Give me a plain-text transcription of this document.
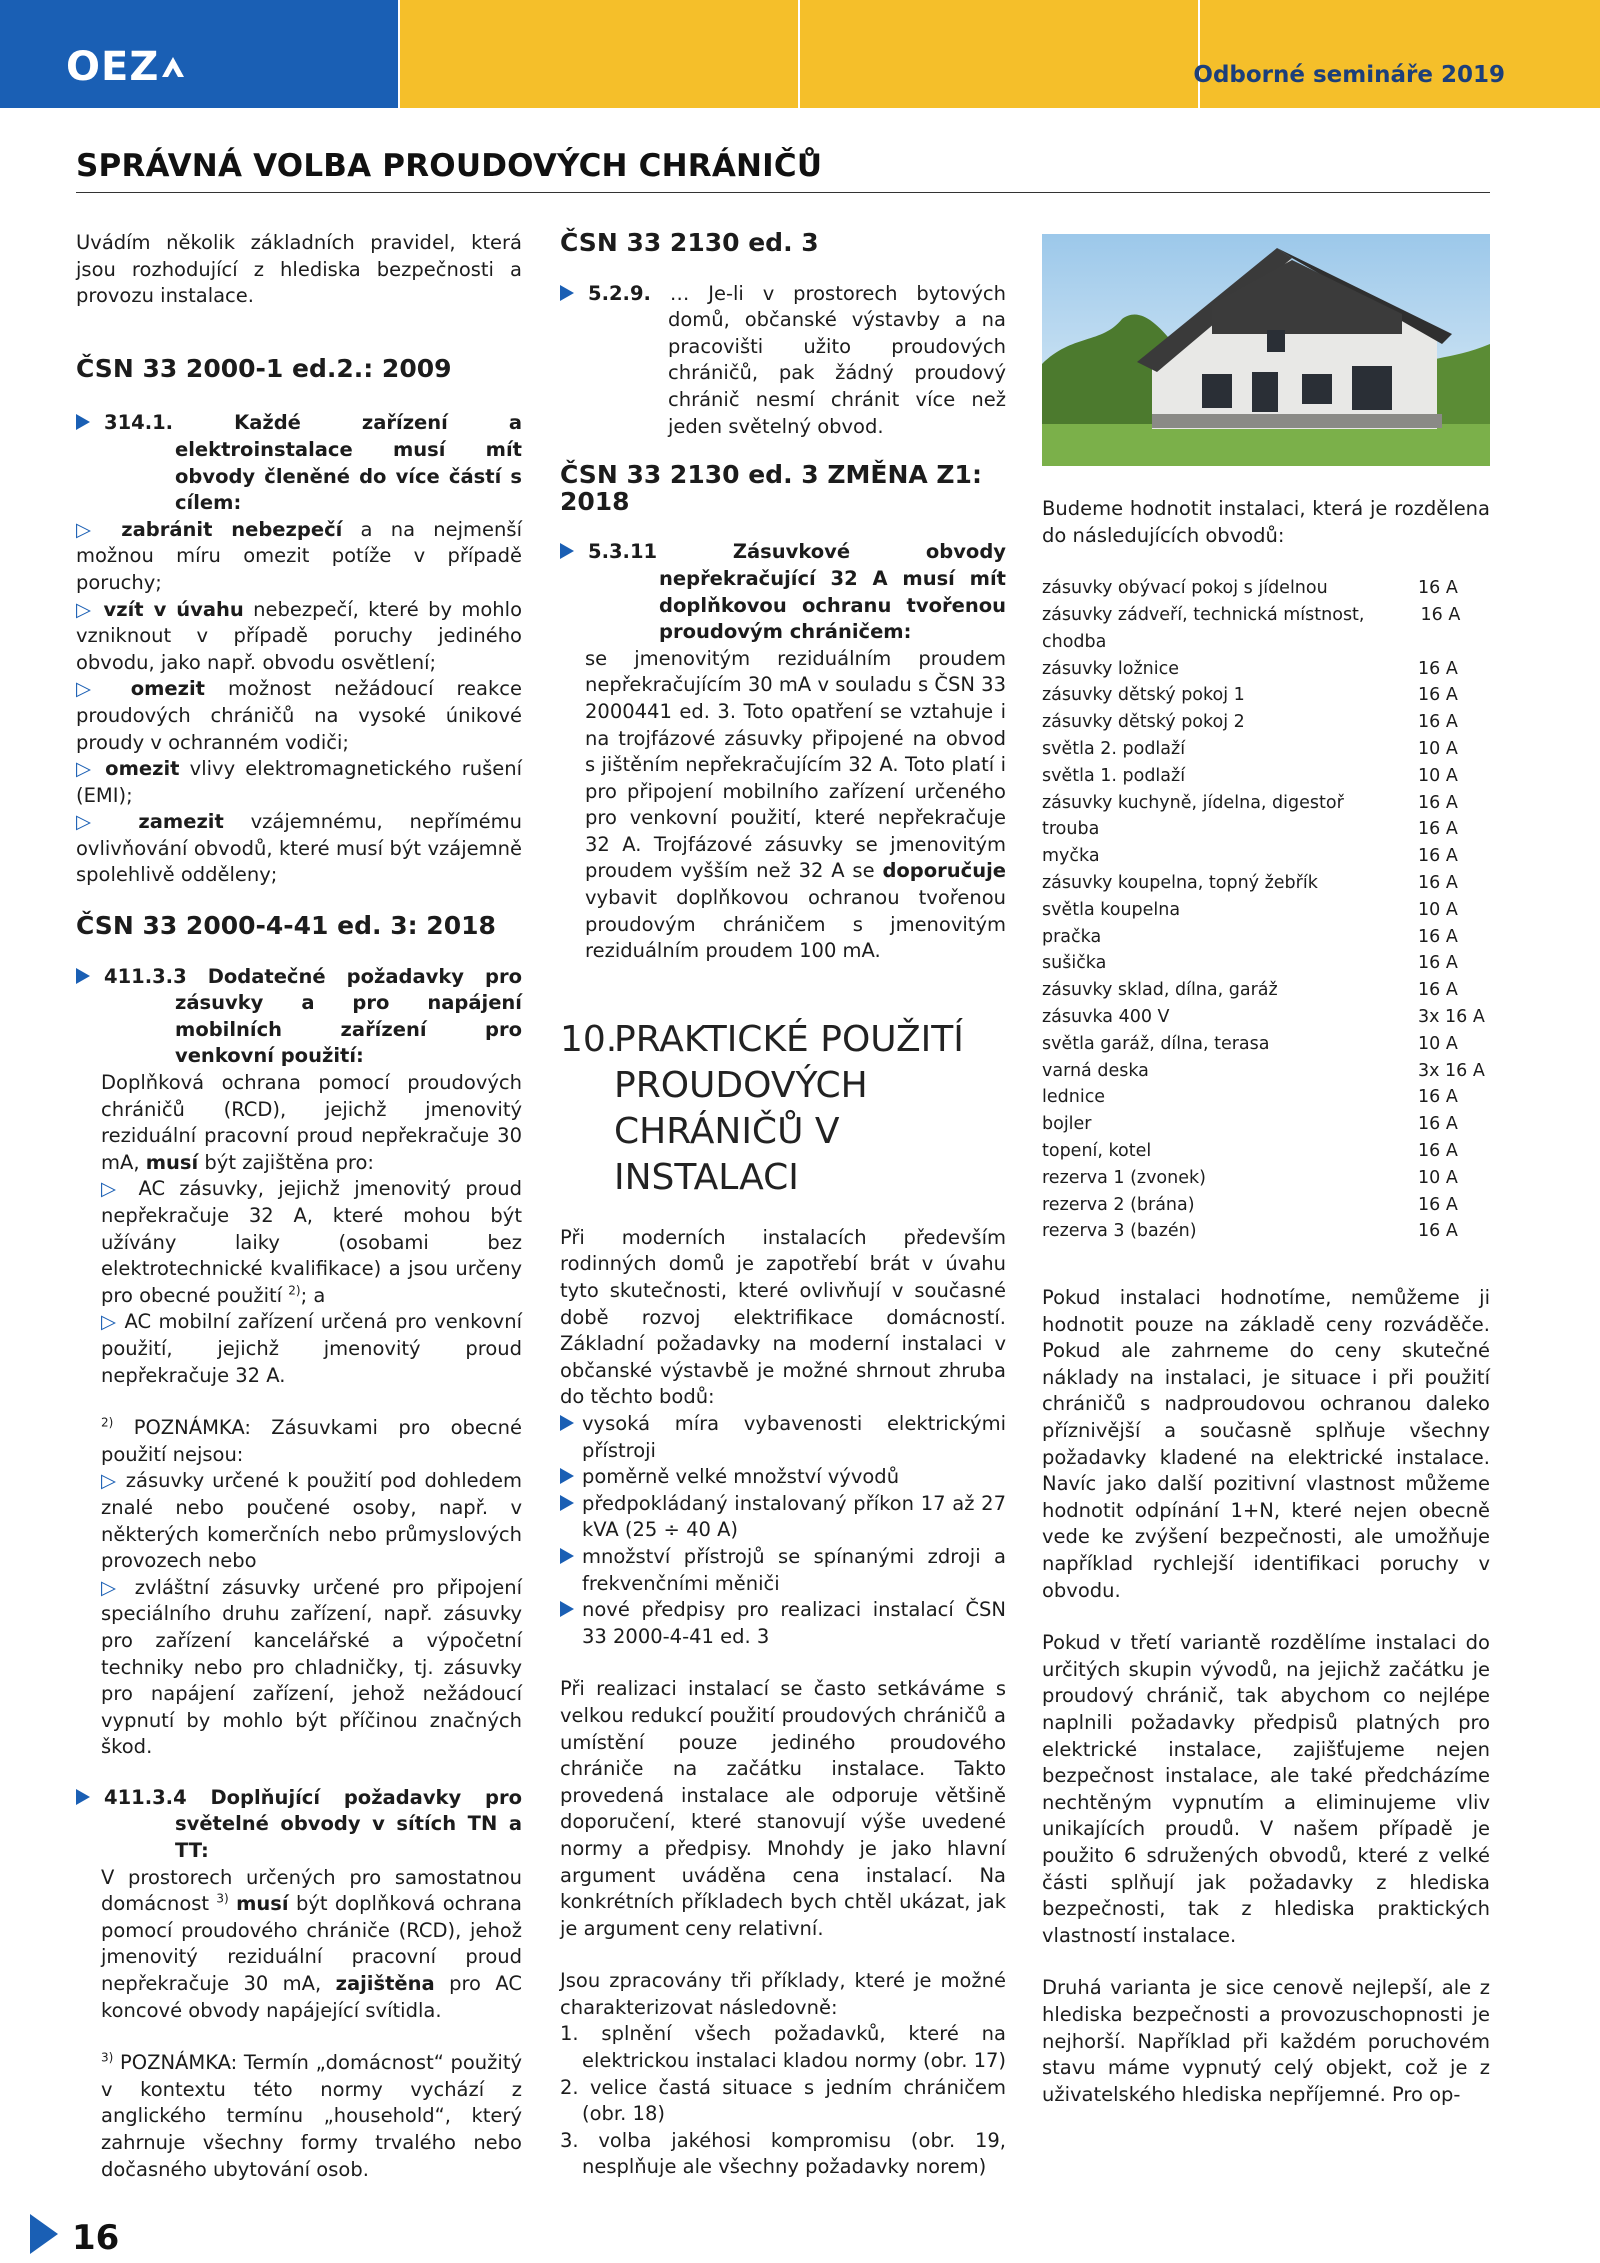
OEZ	Odborné semináře 2019
SPRÁVNÁ VOLBA PROUDOVÝCH CHRÁNIČŮ

Uvádím několik základních pravidel, která jsou rozhodující z hlediska bezpečnosti a provozu instalace.

ČSN 33 2000-1 ed.2.: 2009

314.1.	Každé zařízení a elektroinstalace musí mít obvody členěné do více částí s cílem:

▷ zabránit nebezpečí a na nejmenší možnou míru omezit potíže v případě poruchy;

▷ vzít v úvahu nebezpečí, které by mohlo vzniknout v případě poruchy jediného obvodu, jako např. obvodu osvětlení;

▷ omezit možnost nežádoucí reakce proudových chráničů na vysoké únikové proudy v ochranném vodiči;

▷ omezit vlivy elektromagnetického rušení (EMI);

▷ zamezit vzájemnému, nepřímému ovlivňování obvodů, které musí být vzájemně spolehlivě odděleny;

ČSN 33 2000-4-41 ed. 3: 2018

411.3.3 Dodatečné požadavky pro zásuvky a pro napájení mobilních zařízení pro venkovní použití:

Doplňková ochrana pomocí proudových chráničů (RCD), jejichž jmenovitý reziduální pracovní proud nepřekračuje 30 mA, musí být zajištěna pro:

▷ AC zásuvky, jejichž jmenovitý proud nepřekračuje 32 A, které mohou být užívány laiky (osobami bez elektrotechnické kvalifikace) a jsou určeny pro obecné použití $^{2)}$; a

▷ AC mobilní zařízení určená pro venkovní použití, jejichž jmenovitý proud nepřekračuje 32 A.

$^{2)}$ POZNÁMKA: Zásuvkami pro obecné použití nejsou:

▷ zásuvky určené k použití pod dohledem znalé nebo poučené osoby, např. v některých komerčních nebo průmyslových provozech nebo

▷ zvláštní zásuvky určené pro připojení speciálního druhu zařízení, např. zásuvky pro zařízení kancelářské a výpočetní techniky nebo pro chladničky, tj. zásuvky pro napájení zařízení, jehož nežádoucí vypnutí by mohlo být příčinou značných škod.

411.3.4 Doplňující požadavky pro světelné obvody v sítích TN a TT:

V prostorech určených pro samostatnou domácnost $^{3)}$ musí být doplňková ochrana pomocí proudového chrániče (RCD), jehož jmenovitý reziduální pracovní proud nepřekračuje 30 mA, zajištěna pro AC koncové obvody napájející svítidla.

$^{3)}$ POZNÁMKA: Termín „domácnost“ použitý v kontextu této normy vychází z anglického termínu „household“, který zahrnuje všechny formy trvalého nebo dočasného ubytování osob.

ČSN 33 2130 ed. 3

5.2.9. … Je-li v prostorech bytových domů, občanské výstavby a na pracovišti užito proudových chráničů, pak žádný proudový chránič nesmí chránit více než jeden světelný obvod.

ČSN 33 2130 ed. 3 ZMĚNA Z1: 2018

5.3.11	Zásuvkové obvody nepřekračující 32 A musí mít doplňkovou ochranu tvořenou proudovým chráničem:

se jmenovitým reziduálním proudem nepřekračujícím 30 mA v souladu s ČSN 33 2000441 ed. 3. Toto opatření se vztahuje i na trojfázové zásuvky připojené na obvod s jištěním nepřekračujícím 32 A. Toto platí i pro připojení mobilního zařízení určeného pro venkovní použití, které nepřekračuje 32 A. Trojfázové zásuvky se jmenovitým proudem vyšším než 32 A se doporučuje vybavit doplňkovou ochranou tvořenou proudovým chráničem s jmenovitým reziduálním proudem 100 mA.

10.
PRAKTICKÉ POUŽITÍ PROUDOVÝCH CHRÁNIČŮ V INSTALACI

Při moderních instalacích především rodinných domů je zapotřebí brát v úvahu tyto skutečnosti, které ovlivňují v současné době rozvoj elektrifikace domácností. Základní požadavky na moderní instalaci v občanské výstavbě je možné shrnout zhruba do těchto bodů:

vysoká míra vybavenosti elektrickými přístroji

poměrně velké množství vývodů

předpokládaný instalovaný příkon 17 až 27 kVA (25 ÷ 40 A)

množství přístrojů se spínanými zdroji a frekvenčními měniči

nové předpisy pro realizaci instalací ČSN 33 2000-4-41 ed. 3

Při realizaci instalací se často setkáváme s velkou redukcí použití proudových chráničů a umístění pouze jediného proudového chrániče na začátku instalace. Takto provedená instalace ale odporuje většině doporučení, které stanovují výše uvedené normy a předpisy. Mnohdy je jako hlavní argument uváděna cena instalací. Na konkrétních příkladech bych chtěl ukázat, jak je argument ceny relativní.

Jsou zpracovány tři příklady, které je možné charakterizovat následovně:

1. splnění všech požadavků, které na elektrickou instalaci kladou normy (obr. 17)

2. velice častá situace s jedním chráničem (obr. 18)

3. volba jakéhosi kompromisu (obr. 19, nesplňuje ale všechny požadavky norem)

Budeme hodnotit instalaci, která je rozdělena do následujících obvodů:

zásuvky obývací pokoj s jídelnou	16 A
zásuvky zádveří, technická místnost, chodba
16 A
zásuvky ložnice	16 A
zásuvky dětský pokoj 1	16 A
zásuvky dětský pokoj 2	16 A
světla 2. podlaží	10 A
světla 1. podlaží	10 A
zásuvky kuchyně, jídelna, digestoř	16 A
trouba	16 A
myčka	16 A
zásuvky koupelna, topný žebřík	16 A
světla koupelna	10 A
pračka	16 A
sušička	16 A
zásuvky sklad, dílna, garáž	16 A
zásuvka 400 V	3x 16 A
světla garáž, dílna, terasa	10 A
varná deska	3x 16 A
lednice	16 A
bojler	16 A
topení, kotel	16 A
rezerva 1 (zvonek)	10 A
rezerva 2 (brána)	16 A
rezerva 3 (bazén)	16 A

Pokud instalaci hodnotíme, nemůžeme ji hodnotit pouze na základě ceny rozváděče. Pokud ale zahrneme do ceny skutečné náklady na instalaci, je situace i při použití chráničů s nadproudovou ochranou daleko příznivější a současně splňuje všechny požadavky kladené na elektrické instalace. Navíc jako další pozitivní vlastnost můžeme hodnotit odpínání 1+N, které nejen obecně vede ke zvýšení bezpečnosti, ale umožňuje například rychlejší identifikaci poruchy v obvodu.

Pokud v třetí variantě rozdělíme instalaci do určitých skupin vývodů, na jejichž začátku je proudový chránič, tak abychom co nejlépe naplnili požadavky předpisů platných pro elektrické instalace, zajišťujeme nejen bezpečnost instalace, ale také předcházíme nechtěným vypnutím a eliminujeme vliv unikajících proudů. V našem případě je použito 6 sdružených obvodů, které z velké části splňují jak požadavky z hlediska bezpečnosti, tak z hlediska praktických vlastností instalace.

Druhá varianta je sice cenově nejlepší, ale z hlediska bezpečnosti a provozuschopnosti je nejhorší. Například při každém poruchovém stavu máme vypnutý celý objekt, což je z uživatelského hlediska nepříjemné. Pro op-

16
